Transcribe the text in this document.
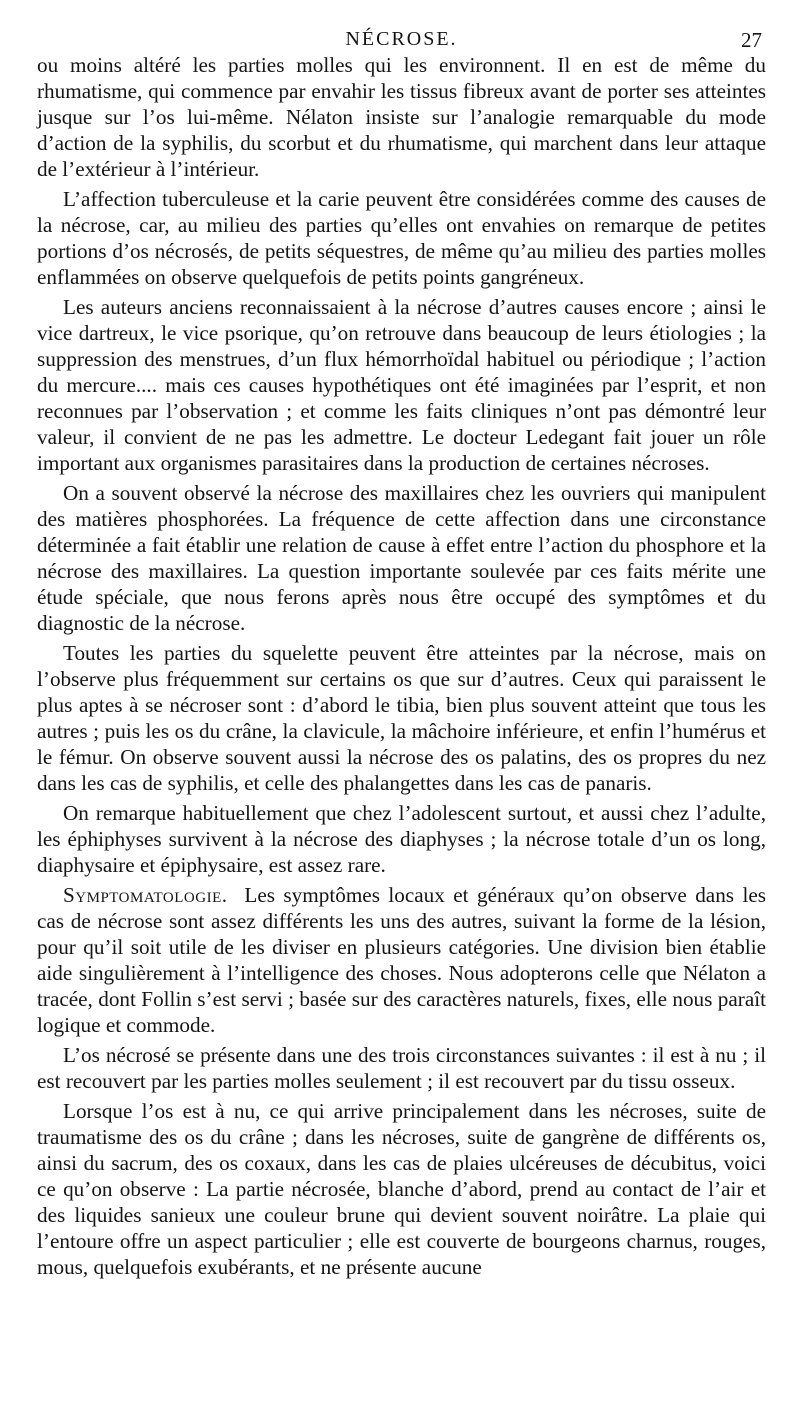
NÉCROSE.	27

ou moins altéré les parties molles qui les environnent. Il en est de même du rhumatisme, qui commence par envahir les tissus fibreux avant de porter ses atteintes jusque sur l’os lui-même. Nélaton insiste sur l’analogie remarquable du mode d’action de la syphilis, du scorbut et du rhumatisme, qui marchent dans leur attaque de l’extérieur à l’intérieur.

L’affection tuberculeuse et la carie peuvent être considérées comme des causes de la nécrose, car, au milieu des parties qu’elles ont envahies on remarque de petites portions d’os nécrosés, de petits séquestres, de même qu’au milieu des parties molles enflammées on observe quelquefois de petits points gangréneux.

Les auteurs anciens reconnaissaient à la nécrose d’autres causes encore ; ainsi le vice dartreux, le vice psorique, qu’on retrouve dans beaucoup de leurs étiologies ; la suppression des menstrues, d’un flux hémorrhoïdal habituel ou périodique ; l’action du mercure.... mais ces causes hypothétiques ont été imaginées par l’esprit, et non reconnues par l’observation ; et comme les faits cliniques n’ont pas démontré leur valeur, il convient de ne pas les admettre. Le docteur Ledegant fait jouer un rôle important aux organismes parasitaires dans la production de certaines nécroses.

On a souvent observé la nécrose des maxillaires chez les ouvriers qui manipulent des matières phosphorées. La fréquence de cette affection dans une circonstance déterminée a fait établir une relation de cause à effet entre l’action du phosphore et la nécrose des maxillaires. La question importante soulevée par ces faits mérite une étude spéciale, que nous ferons après nous être occupé des symptômes et du diagnostic de la nécrose.

Toutes les parties du squelette peuvent être atteintes par la nécrose, mais on l’observe plus fréquemment sur certains os que sur d’autres. Ceux qui paraissent le plus aptes à se nécroser sont : d’abord le tibia, bien plus souvent atteint que tous les autres ; puis les os du crâne, la clavicule, la mâchoire inférieure, et enfin l’humérus et le fémur. On observe souvent aussi la nécrose des os palatins, des os propres du nez dans les cas de syphilis, et celle des phalangettes dans les cas de panaris.

On remarque habituellement que chez l’adolescent surtout, et aussi chez l’adulte, les éphiphyses survivent à la nécrose des diaphyses ; la nécrose totale d’un os long, diaphysaire et épiphysaire, est assez rare.

Symptomatologie. Les symptômes locaux et généraux qu’on observe dans les cas de nécrose sont assez différents les uns des autres, suivant la forme de la lésion, pour qu’il soit utile de les diviser en plusieurs catégories. Une division bien établie aide singulièrement à l’intelligence des choses. Nous adopterons celle que Nélaton a tracée, dont Follin s’est servi ; basée sur des caractères naturels, fixes, elle nous paraît logique et commode.

L’os nécrosé se présente dans une des trois circonstances suivantes : il est à nu ; il est recouvert par les parties molles seulement ; il est recouvert par du tissu osseux.

Lorsque l’os est à nu, ce qui arrive principalement dans les nécroses, suite de traumatisme des os du crâne ; dans les nécroses, suite de gangrène de différents os, ainsi du sacrum, des os coxaux, dans les cas de plaies ulcéreuses de décubitus, voici ce qu’on observe : La partie nécrosée, blanche d’abord, prend au contact de l’air et des liquides sanieux une couleur brune qui devient souvent noirâtre. La plaie qui l’entoure offre un aspect particulier ; elle est couverte de bourgeons charnus, rouges, mous, quelquefois exubérants, et ne présente aucune
